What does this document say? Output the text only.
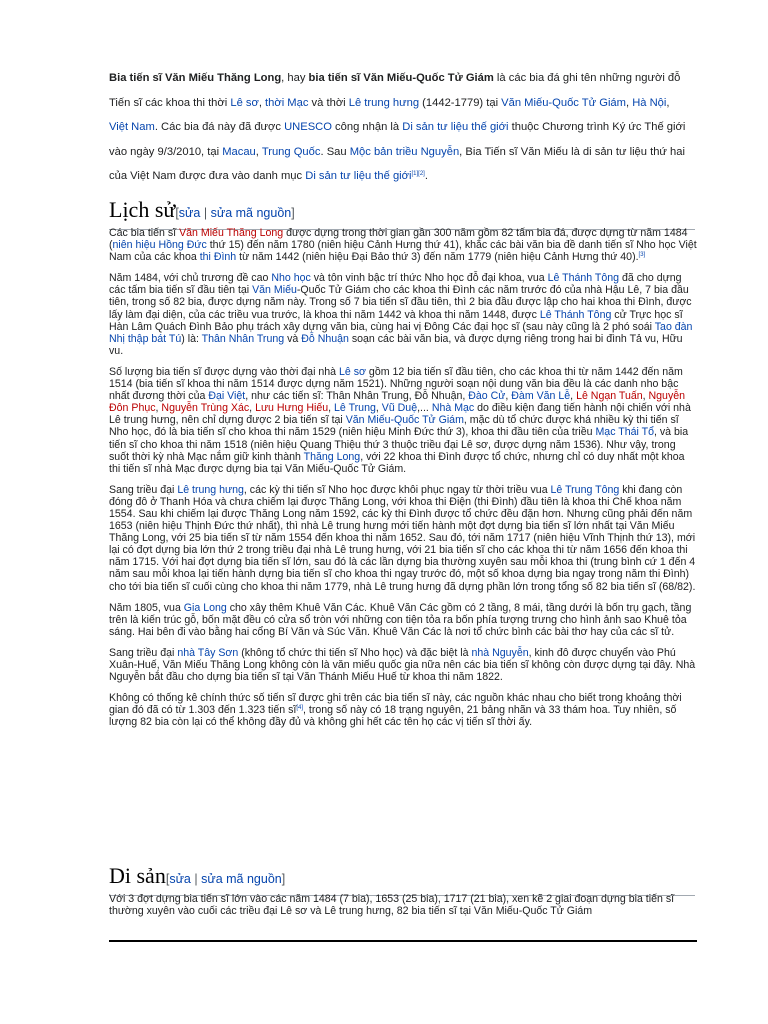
Bia tiến sĩ Văn Miếu Thăng Long, hay bia tiến sĩ Văn Miếu-Quốc Tử Giám là các bia đá ghi tên những người đỗ Tiến sĩ các khoa thi thời Lê sơ, thời Mạc và thời Lê trung hưng (1442-1779) tại Văn Miếu-Quốc Tử Giám, Hà Nội, Việt Nam. Các bia đá này đã được UNESCO công nhận là Di sản tư liệu thế giới thuộc Chương trình Ký ức Thế giới vào ngày 9/3/2010, tại Macau, Trung Quốc. Sau Mộc bản triều Nguyễn, Bia Tiến sĩ Văn Miếu là di sản tư liệu thứ hai của Việt Nam được đưa vào danh mục Di sản tư liệu thế giới[1][2].

Lịch sử[sửa | sửa mã nguồn]

Các bia tiến sĩ Văn Miếu Thăng Long được dựng trong thời gian gần 300 năm gồm 82 tấm bia đá, được dựng từ năm 1484 (niên hiệu Hồng Đức thứ 15) đến năm 1780 (niên hiệu Cảnh Hưng thứ 41), khắc các bài văn bia đề danh tiến sĩ Nho học Việt Nam của các khoa thi Đình từ năm 1442 (niên hiệu Đại Bảo thứ 3) đến năm 1779 (niên hiệu Cảnh Hưng thứ 40).[3]

Năm 1484, với chủ trương đề cao Nho học và tôn vinh bậc trí thức Nho học đỗ đại khoa, vua Lê Thánh Tông đã cho dựng các tấm bia tiến sĩ đầu tiên tại Văn Miếu-Quốc Tử Giám cho các khoa thi Đình các năm trước đó của nhà Hậu Lê, 7 bia đầu tiên, trong số 82 bia, được dựng năm này. Trong số 7 bia tiến sĩ đầu tiên, thì 2 bia đầu được lập cho hai khoa thi Đình, được lấy làm đại diện, của các triều vua trước, là khoa thi năm 1442 và khoa thi năm 1448, được Lê Thánh Tông cử Trực học sĩ Hàn Lâm Quách Đình Bảo phụ trách xây dựng văn bia, cùng hai vị Đông Các đại học sĩ (sau này cũng là 2 phó soái Tao đàn Nhị thập bát Tú) là: Thân Nhân Trung và Đỗ Nhuận soạn các bài văn bia, và được dựng riêng trong hai bi đình Tả vu, Hữu vu.

Số lượng bia tiến sĩ được dựng vào thời đại nhà Lê sơ gồm 12 bia tiến sĩ đầu tiên, cho các khoa thi từ năm 1442 đến năm 1514 (bia tiến sĩ khoa thi năm 1514 được dựng năm 1521). Những người soạn nội dung văn bia đều là các danh nho bậc nhất đương thời của Đại Việt, như các tiến sĩ: Thân Nhân Trung, Đỗ Nhuận, Đào Cử, Đàm Văn Lễ, Lê Ngạn Tuấn, Nguyễn Đôn Phục, Nguyễn Trùng Xác, Lưu Hưng Hiếu, Lê Trung, Vũ Duệ,... Nhà Mạc do điều kiện đang tiến hành nội chiến với nhà Lê trung hưng, nên chỉ dựng được 2 bia tiến sĩ tại Văn Miếu-Quốc Tử Giám, mặc dù tổ chức được khá nhiều kỳ thi tiến sĩ Nho học, đó là bia tiến sĩ cho khoa thi năm 1529 (niên hiệu Minh Đức thứ 3), khoa thi đầu tiên của triều Mạc Thái Tổ, và bia tiến sĩ cho khoa thi năm 1518 (niên hiệu Quang Thiệu thứ 3 thuộc triều đại Lê sơ, được dựng năm 1536). Như vậy, trong suốt thời kỳ nhà Mạc nắm giữ kinh thành Thăng Long, với 22 khoa thi Đình được tổ chức, nhưng chỉ có duy nhất một khoa thi tiến sĩ nhà Mạc được dựng bia tại Văn Miếu-Quốc Tử Giám.

Sang triều đại Lê trung hưng, các kỳ thi tiến sĩ Nho học được khôi phục ngay từ thời triều vua Lê Trung Tông khi đang còn đóng đô ở Thanh Hóa và chưa chiếm lại được Thăng Long, với khoa thi Điện (thi Đình) đầu tiên là khoa thi Chế khoa năm 1554. Sau khi chiếm lại được Thăng Long năm 1592, các kỳ thi Đình được tổ chức đều đặn hơn. Nhưng cũng phải đến năm 1653 (niên hiệu Thịnh Đức thứ nhất), thì nhà Lê trung hưng mới tiến hành một đợt dựng bia tiến sĩ lớn nhất tại Văn Miếu Thăng Long, với 25 bia tiến sĩ từ năm 1554 đến khoa thi năm 1652. Sau đó, tới năm 1717 (niên hiệu Vĩnh Thịnh thứ 13), mới lại có đợt dựng bia lớn thứ 2 trong triều đại nhà Lê trung hưng, với 21 bia tiến sĩ cho các khoa thi từ năm 1656 đến khoa thi năm 1715. Với hai đợt dựng bia tiến sĩ lớn, sau đó là các lần dựng bia thường xuyên sau mỗi khoa thi (trung bình cứ 1 đến 4 năm sau mỗi khoa lại tiến hành dựng bia tiến sĩ cho khoa thi ngay trước đó, một số khoa dựng bia ngay trong năm thi Đình) cho tới bia tiến sĩ cuối cùng cho khoa thi năm 1779, nhà Lê trung hưng đã dựng phần lớn trong tổng số 82 bia tiến sĩ (68/82).

Năm 1805, vua Gia Long cho xây thêm Khuê Văn Các. Khuê Văn Các gồm có 2 tầng, 8 mái, tầng dưới là bốn trụ gạch, tầng trên là kiến trúc gỗ, bốn mặt đều có cửa sổ tròn với những con tiện tỏa ra bốn phía tượng trưng cho hình ảnh sao Khuê tỏa sáng. Hai bên đi vào bằng hai cổng Bí Văn và Súc Văn. Khuê Văn Các là nơi tổ chức bình các bài thơ hay của các sĩ tử.

Sang triều đại nhà Tây Sơn (không tổ chức thi tiến sĩ Nho học) và đặc biệt là nhà Nguyễn, kinh đô được chuyển vào Phú Xuân-Huế, Văn Miếu Thăng Long không còn là văn miếu quốc gia nữa nên các bia tiến sĩ không còn được dựng tại đây. Nhà Nguyễn bắt đầu cho dựng bia tiến sĩ tại Văn Thánh Miếu Huế từ khoa thi năm 1822.

Không có thống kê chính thức số tiến sĩ được ghi trên các bia tiến sĩ này, các nguồn khác nhau cho biết trong khoảng thời gian đó đã có từ 1.303 đến 1.323 tiến sĩ[4], trong số này có 18 trạng nguyên, 21 bảng nhãn và 33 thám hoa. Tuy nhiên, số lượng 82 bia còn lại có thể không đầy đủ và không ghi hết các tên họ các vị tiến sĩ thời ấy.

Di sản[sửa | sửa mã nguồn]

Với 3 đợt dựng bia tiến sĩ lớn vào các năm 1484 (7 bia), 1653 (25 bia), 1717 (21 bia), xen kẽ 2 giai đoạn dựng bia tiến sĩ thường xuyên vào cuối các triều đại Lê sơ và Lê trung hưng, 82 bia tiến sĩ tại Văn Miếu-Quốc Tử Giám
